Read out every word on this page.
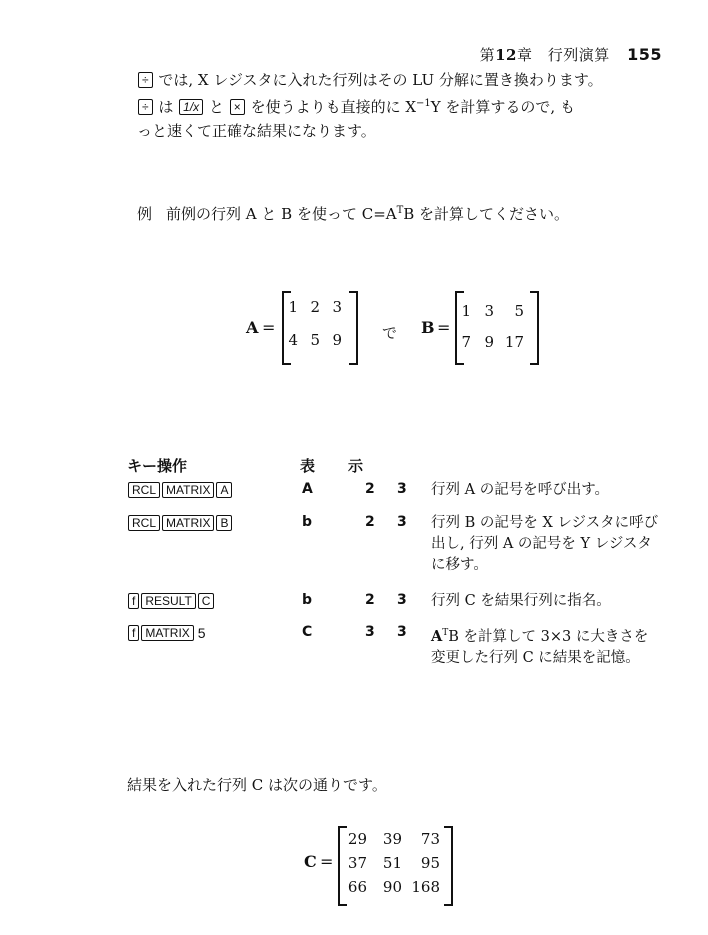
第12章 行列演算 155

÷ では, X レジスタに入れた行列はその LU 分解に置き換わります。

÷ は 1/x と × を使うよりも直接的に $X^{-1}Y$ を計算するので, も

っと速くて正確な結果になります。

例 前例の行列 A と B を使って $C=A^TB$ を計算してください。
A =
1 2 3
4 5 9	で B =
1 3	5
7 9 17
キー操作	表 示
RCL MATRIX A	A	2 3 行列 A の記号を呼び出す。
RCL MATRIX B	b	2 3 行列 B の記号を X レジスタに呼び出し, 行列 A の記号を Y レジスタに移す。
f RESULT C	b	2 3 行列 C を結果行列に指名。
f MATRIX 5	C	3 3 $A^TB$ を計算して 3×3 に大きさを変更した行列 C に結果を記憶。
結果を入れた行列 C は次の通りです。
C =
29	39	73
37	51	95
66	90 168
